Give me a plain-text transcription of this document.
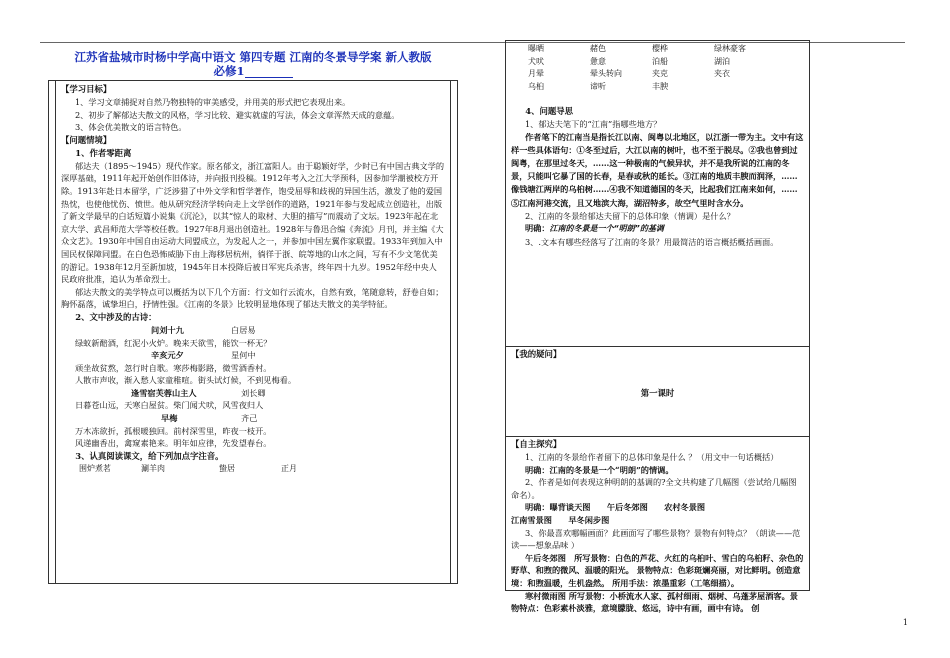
江苏省盐城市时杨中学高中语文 第四专题 江南的冬景导学案 新人教版
必修1

【学习目标】

1、学习文章捕捉对自然乃物独特的审美感受，并用美的形式把它表现出来。

2、初步了解郁达夫散文的风格，学习比较、避实就虚的写法，体会文章浑然天成的意蕴。

3、体会优美散文的语言特色。

【问题情境】

1、作者零距离

郁达夫（1895～1945）现代作家。原名郁文，浙江富阳人。由于聪颖好学，少时已有中国古典文学的深厚基础，1911年起开始创作旧体诗，并向报刊投稿。1912年考入之江大学预科，因参加学潮被校方开除。1913年赴日本留学，广泛涉猎了中外文学和哲学著作，饱受屈辱和歧视的异国生活，激发了他的爱国热忱，也使他忧伤、愤世。他从研究经济学转向走上文学创作的道路，1921年参与发起成立创造社，出版了新文学最早的白话短篇小说集《沉沦》，以其“惊人的取材、大胆的描写”而震动了文坛。1923年起在北京大学、武昌师范大学等校任教。1927年8月退出创造社。1928年与鲁迅合编《奔流》月刊，并主编《大众文艺》。1930年中国自由运动大同盟成立，为发起人之一，并参加中国左翼作家联盟。1933年到加入中国民权保障同盟。在白色恐怖威胁下由上海移居杭州，徜徉于浙、皖等地的山水之间，写有不少文笔优美的游记。1938年12月至新加坡，1945年日本投降后被日军宪兵杀害，终年四十九岁。1952年经中央人民政府批准，追认为革命烈士。

郁达夫散文的美学特点可以概括为以下几个方面：行文如行云流水，自然有致，笔随意转，舒卷自如；胸怀磊落，诚挚坦白，抒情性强。《江南的冬景》比较明显地体现了郁达夫散文的美学特征。

2、文中涉及的古诗：

问刘十九	白居易

绿蚁新醅酒，红泥小火炉。晚来天欲雪，能饮一杯无？

辛亥元夕	星何中

顽坐故贫熬，忽行时自歌。寒莎梅影路，微雪酒香村。

人散市声收，渐入愁人家童稚喧。街头试灯候，不到见梅看。

逢雪宿芙蓉山主人	刘长卿

日暮苍山远，天寒白屋贫。柴门闻犬吠，风雪夜归人

早梅	齐己

万木冻欲折，孤根暖独回。前村深雪里，昨夜一枝开。

风递幽香出，禽窥素艳来。明年如应律，先发望春台。

3、认真阅读课文，给下列加点字注音。

围炉煮茗	涮羊肉	蛰居	正月

曝晒	赭色	樱桦	绿林豪客
犬吠	惫意	泊船	湖泊
月晕	晕头转向	夹克	夹衣
乌桕	谛听	丰腴

4、问题导思

1、郁达夫笔下的“江南”指哪些地方？

作者笔下的江南当是指长江以南、闽粤以北地区，以江浙一带为主。文中有这样一些具体语句：①冬至过后，大江以南的树叶，也不至于脱尽。②我也曾到过闽粤，在那里过冬天，……这一种极南的气候异状，并不是我所说的江南的冬景，只能叫它暴了国的长春，是春或秋的延长。③江南的地质丰腴而润泽，……像钱塘江两岸的乌桕树……④我不知道德国的冬天，比起我们江南来如何，……⑤江南河港交流，且又地滨大海，湖沼特多，故空气里时含水分。

2、江南的冬景给郁达夫留下的总体印象（情调）是什么？

明确：江南的冬景是一个“明朗”的基调

3、.文本有哪些经落写了江南的冬景？用最简洁的语言概括概括画面。

【我的疑问】

第一课时

【自主探究】

1、江南的冬景给作者留下的总体印象是什么 ？（用文中一句话概括）

明确：江南的冬景是一个“明朗”的情调。

2、作者是如何表现这种明朗的基调的?全文共构建了几幅图（尝试给几幅图命名）。

明确：曝背谈天图　　午后冬郊图　　农村冬景图

江南雪景图　　早冬闲步图

3、你最喜欢哪幅画面？此画面写了哪些景物？景物有何特点？（朗读——范读——想象品味 ）

午后冬郊图　所写景物：白色的芦花、火红的乌桕叶、雪白的乌桕籽、杂色的野草、和煦的微风、温暖的阳光。 景物特点：色彩斑斓亮丽，对比鲜明。创造意境：和煦温暖，生机盎然。 所用手法：浓墨重彩（工笔细描）。

寒村微雨图 所写景物：小桥流水人家、孤村细雨、烟树、乌蓬茅屋酒客。景物特点：色彩素朴淡雅，意境朦胧、悠远，诗中有画，画中有诗。 创

1
